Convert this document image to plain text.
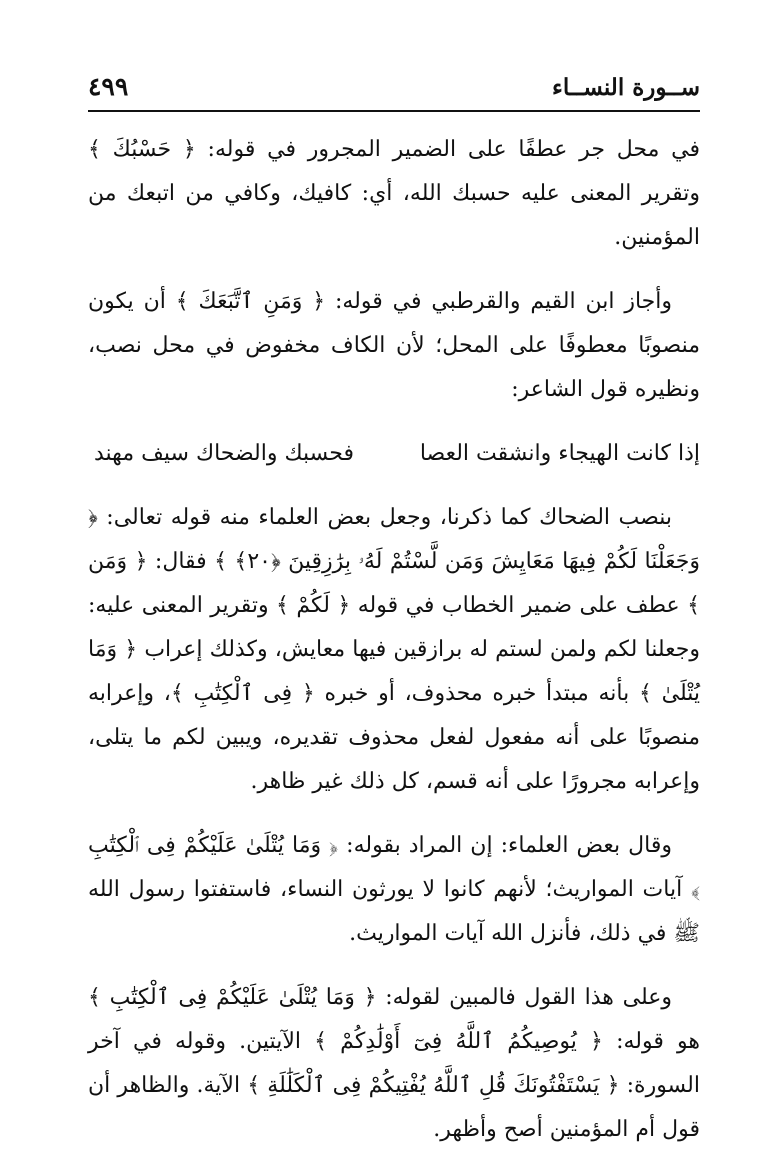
ســورة النســاء
٤٩٩

في محل جر عطفًا على الضمير المجرور في قوله: ﴿ حَسْبُكَ ﴾ وتقرير المعنى عليه حسبك الله، أي: كافيك، وكافي من اتبعك من المؤمنين.

وأجاز ابن القيم والقرطبي في قوله: ﴿ وَمَنِ ٱتَّبَعَكَ ﴾ أن يكون منصوبًا معطوفًا على المحل؛ لأن الكاف مخفوض في محل نصب، ونظيره قول الشاعر:

إذا كانت الهيجاء وانشقت العصا
فحسبك والضحاك سيف مهند

بنصب الضحاك كما ذكرنا، وجعل بعض العلماء منه قوله تعالى: ﴿ وَجَعَلْنَا لَكُمْ فِيهَا مَعَايِشَ وَمَن لَّسْتُمْ لَهُۥ بِرَٰزِقِينَ ﴿٢٠﴾ ﴾ فقال: ﴿ وَمَن ﴾ عطف على ضمير الخطاب في قوله ﴿ لَكُمْ ﴾ وتقرير المعنى عليه: وجعلنا لكم ولمن لستم له برازقين فيها معايش، وكذلك إعراب ﴿ وَمَا يُتْلَىٰ ﴾ بأنه مبتدأ خبره محذوف، أو خبره ﴿ فِى ٱلْكِتَٰبِ ﴾، وإعرابه منصوبًا على أنه مفعول لفعل محذوف تقديره، ويبين لكم ما يتلى، وإعرابه مجرورًا على أنه قسم، كل ذلك غير ظاهر.

وقال بعض العلماء: إن المراد بقوله: ﴿ وَمَا يُتْلَىٰ عَلَيْكُمْ فِى ٱلْكِتَٰبِ ﴾ آيات المواريث؛ لأنهم كانوا لا يورثون النساء، فاستفتوا رسول الله ﷺ في ذلك، فأنزل الله آيات المواريث.

وعلى هذا القول فالمبين لقوله: ﴿ وَمَا يُتْلَىٰ عَلَيْكُمْ فِى ٱلْكِتَٰبِ ﴾ هو قوله: ﴿ يُوصِيكُمُ ٱللَّهُ فِىٓ أَوْلَٰدِكُمْ ﴾ الآيتين. وقوله في آخر السورة: ﴿ يَسْتَفْتُونَكَ قُلِ ٱللَّهُ يُفْتِيكُمْ فِى ٱلْكَلَٰلَةِ ﴾ الآية. والظاهر أن قول أم المؤمنين أصح وأظهر.
